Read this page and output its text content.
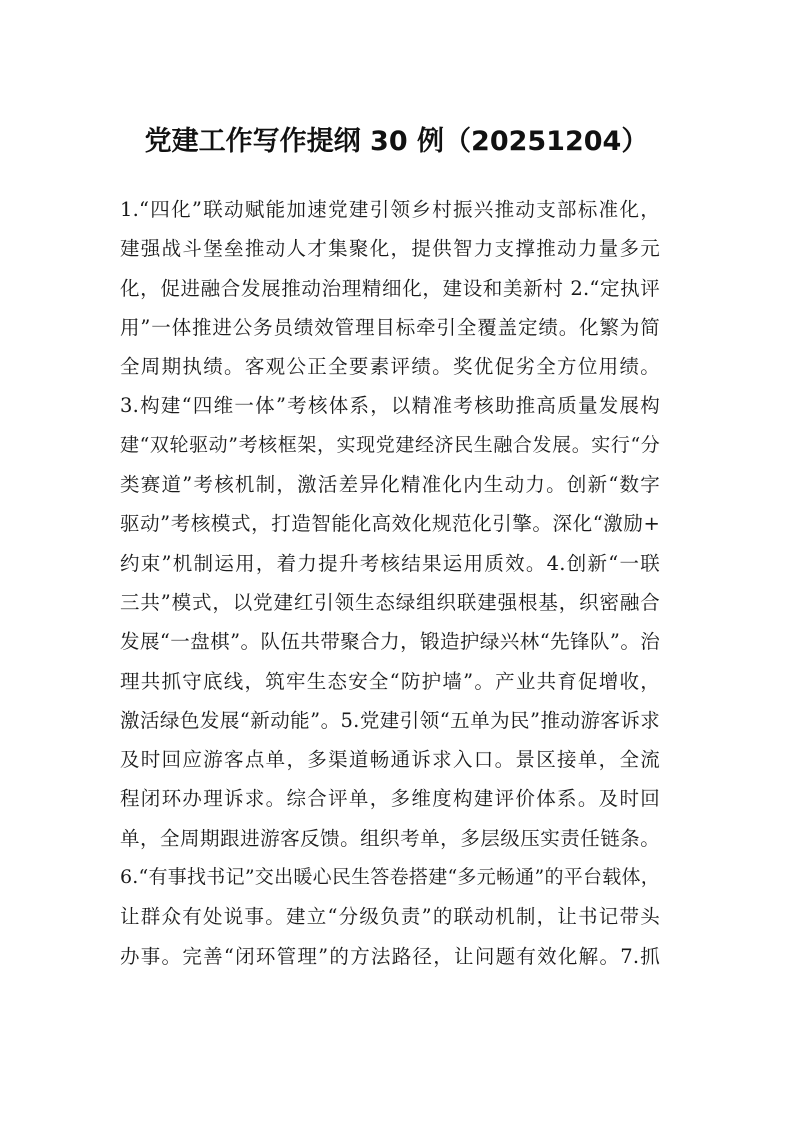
党建工作写作提纲 30 例（20251204）
1.“四化”联动赋能加速党建引领乡村振兴推动支部标准化，
建强战斗堡垒推动人才集聚化，提供智力支撑推动力量多元
化，促进融合发展推动治理精细化，建设和美新村 2.“定执评
用”一体推进公务员绩效管理目标牵引全覆盖定绩。化繁为简
全周期执绩。客观公正全要素评绩。奖优促劣全方位用绩。
3.构建“四维一体”考核体系，以精准考核助推高质量发展构
建“双轮驱动”考核框架，实现党建经济民生融合发展。实行“分
类赛道”考核机制，激活差异化精准化内生动力。创新“数字
驱动”考核模式，打造智能化高效化规范化引擎。深化“激励+
约束”机制运用，着力提升考核结果运用质效。4.创新“一联
三共”模式，以党建红引领生态绿组织联建强根基，织密融合
发展“一盘棋”。队伍共带聚合力，锻造护绿兴林“先锋队”。治
理共抓守底线，筑牢生态安全“防护墙”。产业共育促增收，
激活绿色发展“新动能”。5.党建引领“五单为民”推动游客诉求
及时回应游客点单，多渠道畅通诉求入口。景区接单，全流
程闭环办理诉求。综合评单，多维度构建评价体系。及时回
单，全周期跟进游客反馈。组织考单，多层级压实责任链条。
6.“有事找书记”交出暖心民生答卷搭建“多元畅通”的平台载体，
让群众有处说事。建立“分级负责”的联动机制，让书记带头
办事。完善“闭环管理”的方法路径，让问题有效化解。7.抓
